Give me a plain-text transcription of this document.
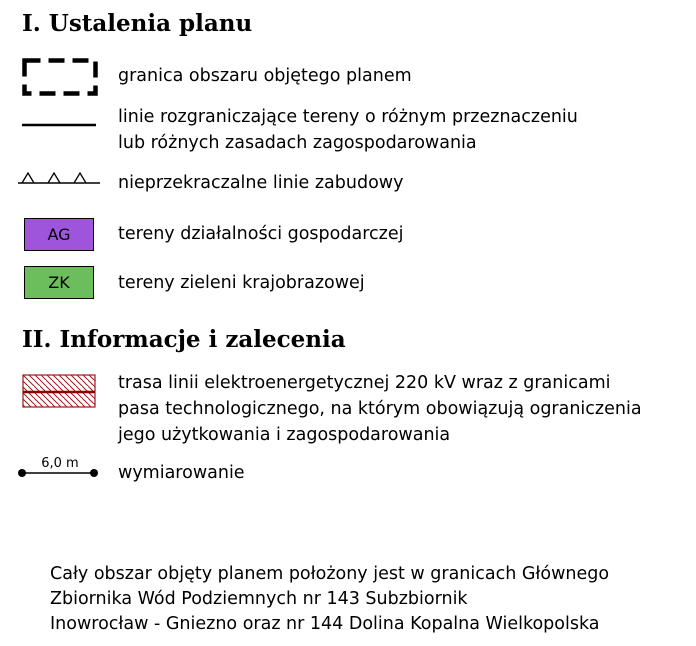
I. Ustalenia planu
granica obszaru objętego planem
linie rozgraniczające tereny o różnym przeznaczeniu
lub różnych zasadach zagospodarowania
nieprzekraczalne linie zabudowy
AG	tereny działalności gospodarczej
ZK	tereny zieleni krajobrazowej
II. Informacje i zalecenia
trasa linii elektroenergetycznej 220 kV wraz z granicami
pasa technologicznego, na którym obowiązują ograniczenia
jego użytkowania i zagospodarowania
6,0 m wymiarowanie
Cały obszar objęty planem położony jest w granicach Głównego
Zbiornika Wód Podziemnych nr 143 Subzbiornik
Inowrocław - Gniezno oraz nr 144 Dolina Kopalna Wielkopolska
